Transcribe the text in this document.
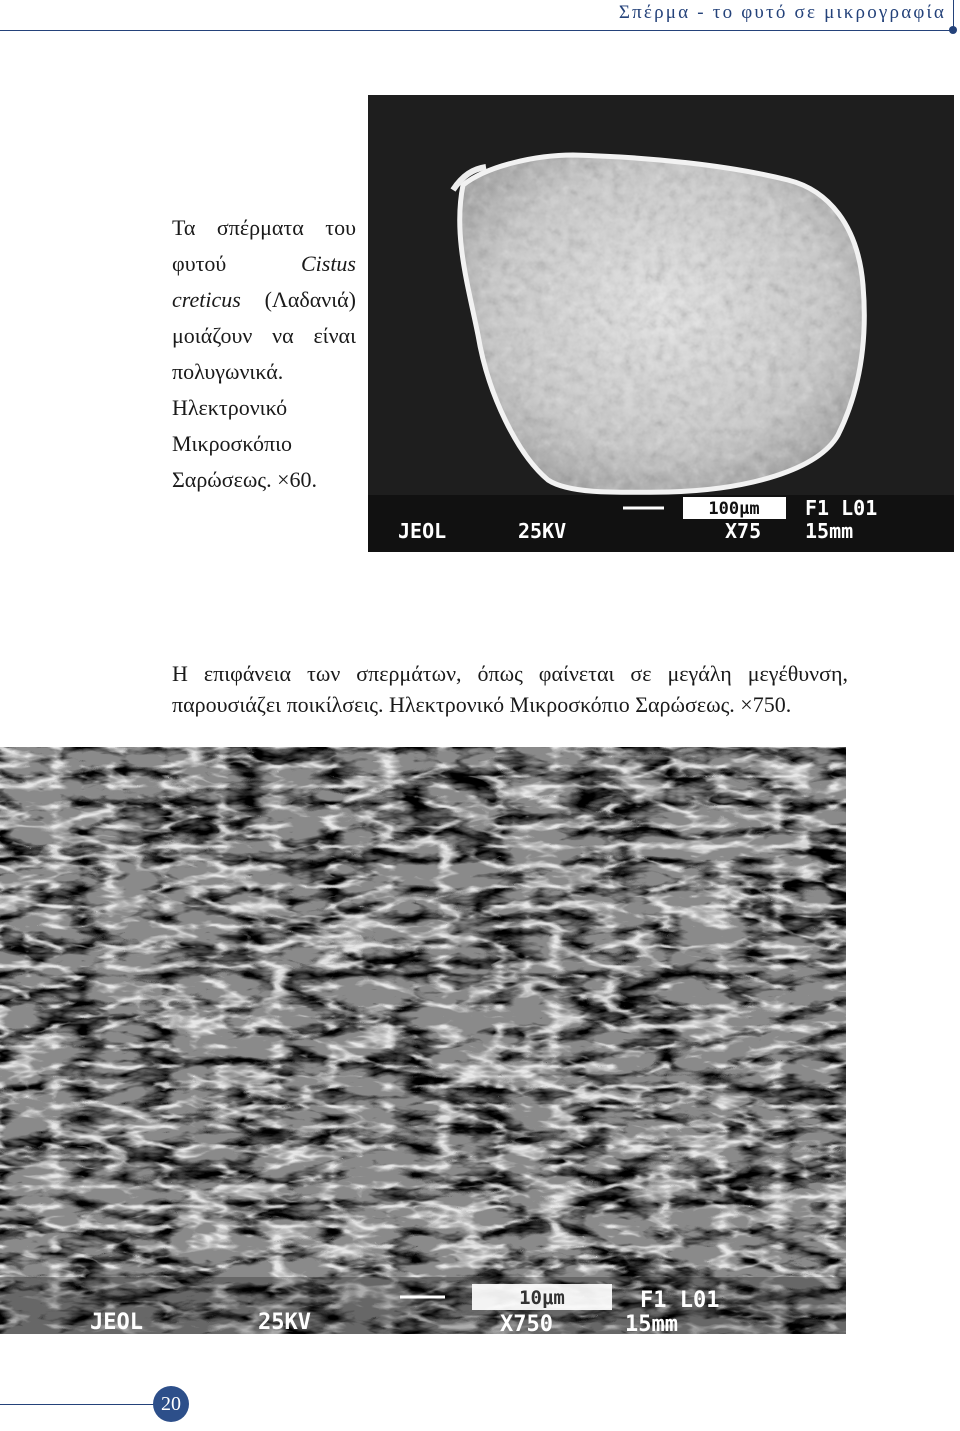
Σπέρμα - το φυτό σε μικρογραφία

Τα σπέρματα του φυτού Cistus creticus (Λαδανιά) μοιάζουν να είναι πολυγωνικά. Ηλεκτρονικό Μικροσκόπιο Σαρώσεως. ×60.

100μm F1 L01
JEOL	25KV	X75 15mm

Η επιφάνεια των σπερμάτων, όπως φαίνεται σε μεγάλη μεγέθυνση, παρουσιάζει ποικίλσεις. Ηλεκτρονικό Μικροσκόπιο Σαρώσεως. ×750.

10μm	F1 L01
JEOL	25KV	X750	15mm
20
